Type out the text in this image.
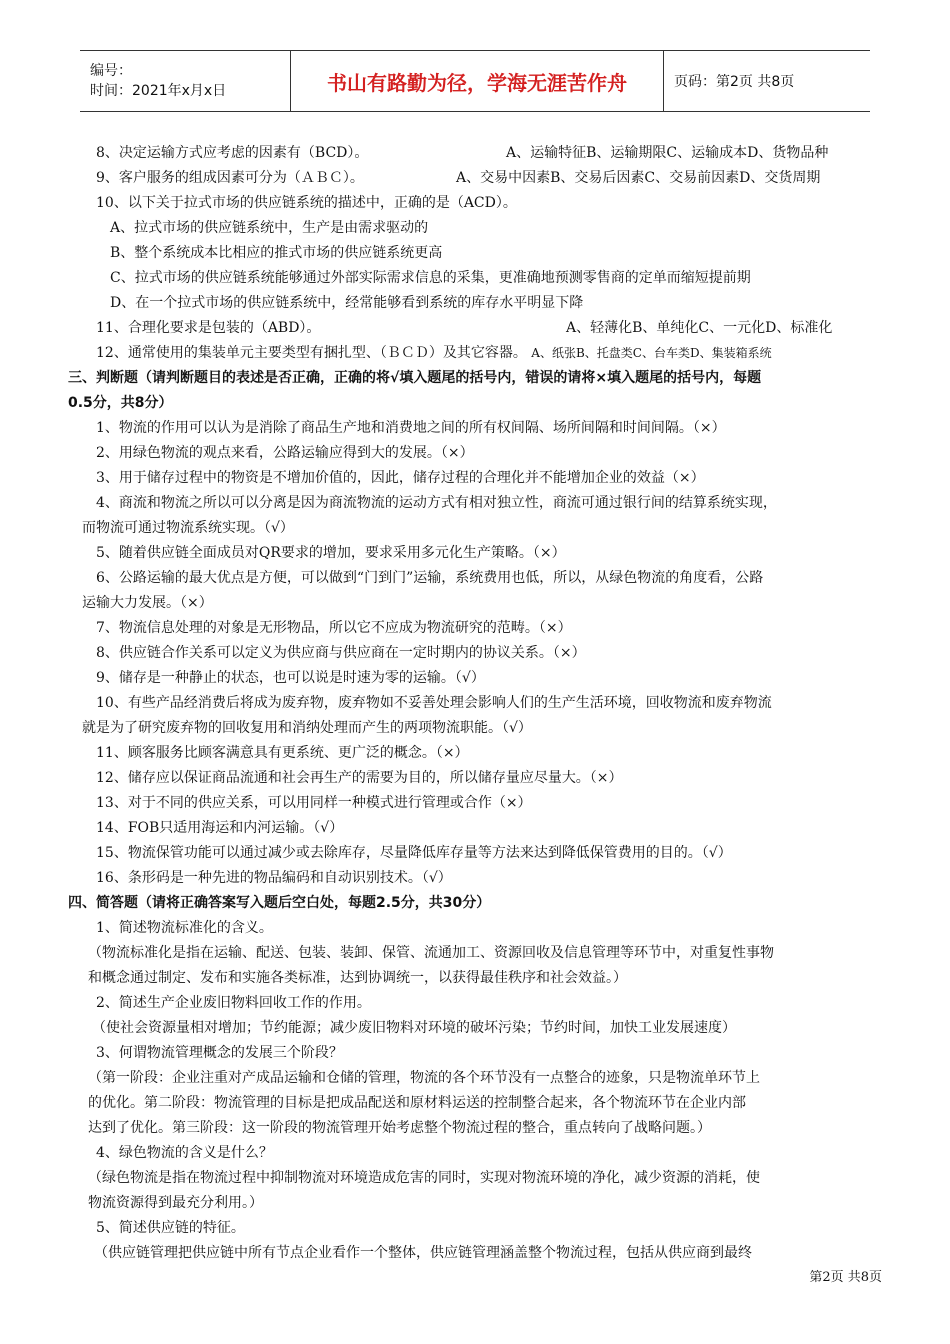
编号：
时间：2021年x月x日	书山有路勤为径，学海无涯苦作舟	页码：第2页 共8页
8、决定运输方式应考虑的因素有（BCD）。	A、运输特征B、运输期限C、运输成本D、货物品种
9、客户服务的组成因素可分为（ＡＢＣ）。	A、交易中因素B、交易后因素C、交易前因素D、交货周期
10、以下关于拉式市场的供应链系统的描述中，正确的是（ACD）。
A、拉式市场的供应链系统中，生产是由需求驱动的
B、整个系统成本比相应的推式市场的供应链系统更高
C、拉式市场的供应链系统能够通过外部实际需求信息的采集，更准确地预测零售商的定单而缩短提前期
D、在一个拉式市场的供应链系统中，经常能够看到系统的库存水平明显下降
11、合理化要求是包装的（ABD）。	A、轻薄化B、单纯化C、一元化D、标准化
12、通常使用的集装单元主要类型有捆扎型、（ＢＣＤ）及其它容器。 A、纸张B、托盘类C、台车类D、集装箱系统
三、判断题（请判断题目的表述是否正确，正确的将√填入题尾的括号内，错误的请将×填入题尾的括号内，每题
0.5分，共8分）
1、物流的作用可以认为是消除了商品生产地和消费地之间的所有权间隔、场所间隔和时间间隔。（×）
2、用绿色物流的观点来看，公路运输应得到大的发展。（×）
3、用于储存过程中的物资是不增加价值的，因此，储存过程的合理化并不能增加企业的效益（×）
4、商流和物流之所以可以分离是因为商流物流的运动方式有相对独立性，商流可通过银行间的结算系统实现，
而物流可通过物流系统实现。（√）
5、随着供应链全面成员对QR要求的增加，要求采用多元化生产策略。（×）
6、公路运输的最大优点是方便，可以做到“门到门”运输，系统费用也低，所以，从绿色物流的角度看，公路
运输大力发展。（×）
7、物流信息处理的对象是无形物品，所以它不应成为物流研究的范畴。（×）
8、供应链合作关系可以定义为供应商与供应商在一定时期内的协议关系。（×）
9、储存是一种静止的状态，也可以说是时速为零的运输。（√）
10、有些产品经消费后将成为废弃物，废弃物如不妥善处理会影响人们的生产生活环境，回收物流和废弃物流
就是为了研究废弃物的回收复用和消纳处理而产生的两项物流职能。（√）
11、顾客服务比顾客满意具有更系统、更广泛的概念。（×）
12、储存应以保证商品流通和社会再生产的需要为目的，所以储存量应尽量大。（×）
13、对于不同的供应关系，可以用同样一种模式进行管理或合作（×）
14、FOB只适用海运和内河运输。（√）
15、物流保管功能可以通过减少或去除库存，尽量降低库存量等方法来达到降低保管费用的目的。（√）
16、条形码是一种先进的物品编码和自动识别技术。（√）
四、简答题（请将正确答案写入题后空白处，每题2.5分，共30分）
1、简述物流标准化的含义。
（物流标准化是指在运输、配送、包装、装卸、保管、流通加工、资源回收及信息管理等环节中，对重复性事物
和概念通过制定、发布和实施各类标准，达到协调统一，以获得最佳秩序和社会效益。）
2、简述生产企业废旧物料回收工作的作用。
（使社会资源量相对增加；节约能源；减少废旧物料对环境的破坏污染；节约时间，加快工业发展速度）
3、何谓物流管理概念的发展三个阶段？
（第一阶段：企业注重对产成品运输和仓储的管理，物流的各个环节没有一点整合的迹象，只是物流单环节上
的优化。第二阶段：物流管理的目标是把成品配送和原材料运送的控制整合起来，各个物流环节在企业内部
达到了优化。第三阶段：这一阶段的物流管理开始考虑整个物流过程的整合，重点转向了战略问题。）
4、绿色物流的含义是什么？
（绿色物流是指在物流过程中抑制物流对环境造成危害的同时，实现对物流环境的净化，减少资源的消耗，使
物流资源得到最充分利用。）
5、简述供应链的特征。
（供应链管理把供应链中所有节点企业看作一个整体，供应链管理涵盖整个物流过程，包括从供应商到最终
第2页 共8页
